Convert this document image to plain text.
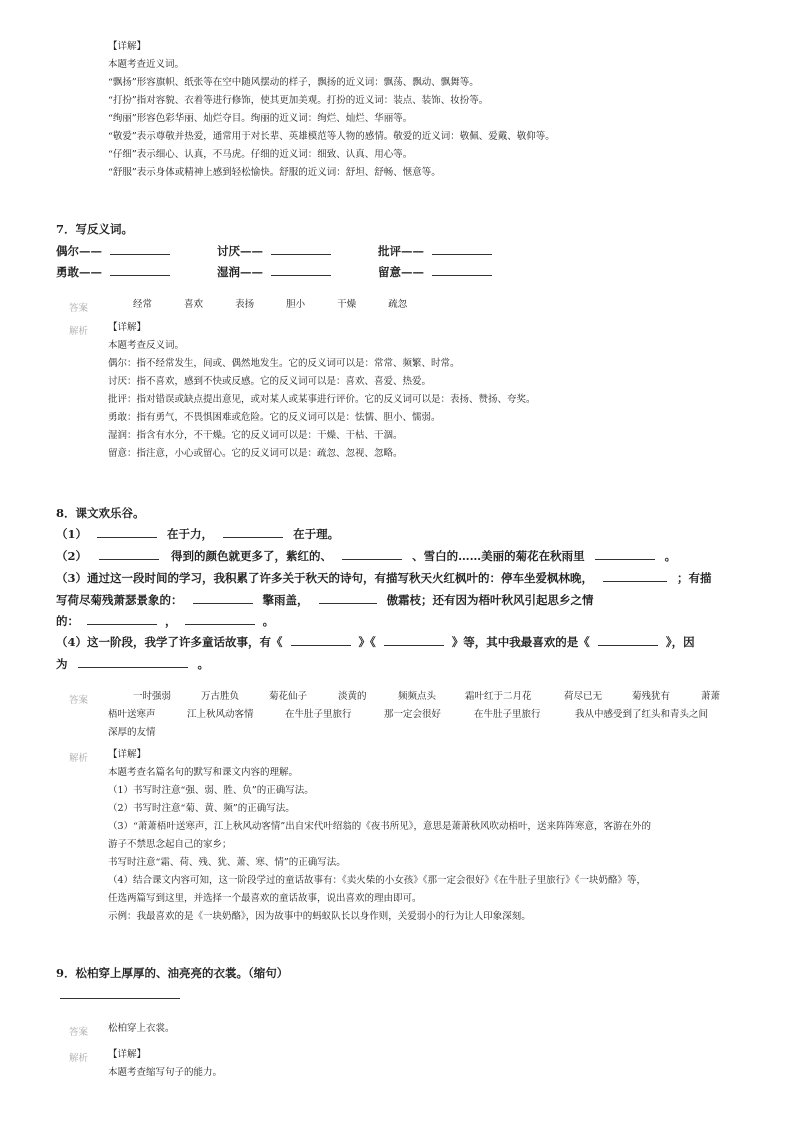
【详解】
本题考查近义词。
“飘扬”形容旗帜、纸张等在空中随风摆动的样子，飘扬的近义词：飘荡、飘动、飘舞等。
“打扮”指对容貌、衣着等进行修饰，使其更加美观。打扮的近义词：装点、装饰、妆扮等。
“绚丽”形容色彩华丽、灿烂夺目。绚丽的近义词：绚烂、灿烂、华丽等。
“敬爱”表示尊敬并热爱，通常用于对长辈、英雄模范等人物的感情。敬爱的近义词：敬佩、爱戴、敬仰等。
“仔细”表示细心、认真，不马虎。仔细的近义词：细致、认真、用心等。
“舒服”表示身体或精神上感到轻松愉快。舒服的近义词：舒坦、舒畅、惬意等。
7．写反义词。
偶尔——	讨厌——	批评——
勇敢——	湿润——	留意——
答案	经常	喜欢	表扬	胆小	干燥	疏忽
解析 【详解】
本题考查反义词。
偶尔：指不经常发生，间或、偶然地发生。它的反义词可以是：常常、频繁、时常。
讨厌：指不喜欢，感到不快或反感。它的反义词可以是：喜欢、喜爱、热爱。
批评：指对错误或缺点提出意见，或对某人或某事进行评价。它的反义词可以是：表扬、赞扬、夸奖。
勇敢：指有勇气，不畏惧困难或危险。它的反义词可以是：怯懦、胆小、懦弱。
湿润：指含有水分，不干燥。它的反义词可以是：干燥、干枯、干涸。
留意：指注意，小心或留心。它的反义词可以是：疏忽、忽视、忽略。
8．课文欢乐谷。
（1）	在于力，	在于理。
（2）	得到的颜色就更多了，紫红的、	、雪白的……美丽的菊花在秋雨里	。
（3）通过这一段时间的学习，我积累了许多关于秋天的诗句，有描写秋天火红枫叶的：停车坐爱枫林晚，	；有描
写荷尽菊残萧瑟景象的：	擎雨盖，	傲霜枝；还有因为梧叶秋风引起思乡之情
的：	，	。
（4）这一阶段，我学了许多童话故事，有《	》《	》等，其中我最喜欢的是《	》，因
为	。
答案	一时强弱	万古胜负	菊花仙子	淡黄的	频频点头	霜叶红于二月花	荷尽已无	菊残犹有	萧萧
梧叶送寒声	江上秋风动客情	在牛肚子里旅行	那一定会很好	在牛肚子里旅行	我从中感受到了红头和青头之间
深厚的友情
解析 【详解】
本题考查名篇名句的默写和课文内容的理解。
（1）书写时注意“强、弱、胜、负”的正确写法。
（2）书写时注意“菊、黄、频”的正确写法。
（3）“萧萧梧叶送寒声，江上秋风动客情”出自宋代叶绍翁的《夜书所见》，意思是萧萧秋风吹动梧叶，送来阵阵寒意，客游在外的
游子不禁思念起自己的家乡；
书写时注意“霜、荷、残、犹、萧、寒、情”的正确写法。
（4）结合课文内容可知，这一阶段学过的童话故事有：《卖火柴的小女孩》《那一定会很好》《在牛肚子里旅行》《一块奶酪》等，
任选两篇写到这里，并选择一个最喜欢的童话故事，说出喜欢的理由即可。
示例：我最喜欢的是《一块奶酪》，因为故事中的蚂蚁队长以身作则，关爱弱小的行为让人印象深刻。
9．松柏穿上厚厚的、油亮亮的衣裳。（缩句）
答案 松柏穿上衣裳。
解析 【详解】
本题考查缩写句子的能力。
